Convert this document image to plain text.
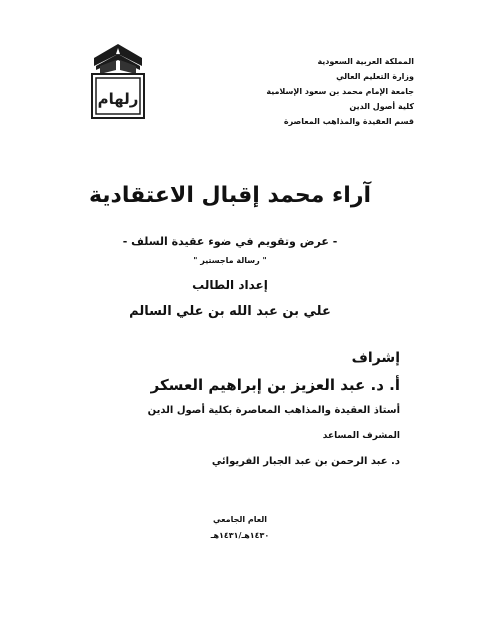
المملكة العربية السعودية
وزارة التعليم العالي
جامعة الإمام محمد بن سعود الإسلامية
كلية أصول الدين
قسم العقيدة والمذاهب المعاصرة
رلهام
آراء محمد إقبال الاعتقادية
- عرض وتقويم في ضوء عقيدة السلف -
" رسالة ماجستير "
إعداد الطالب
علي بن عبد الله بن علي السالم
إشراف
أ. د. عبد العزيز بن إبراهيم العسكر
أستاذ العقيدة والمذاهب المعاصرة بكلية أصول الدين
المشرف المساعد
د. عبد الرحمن بن عبد الجبار الفريوائي
العام الجامعي
١٤٣٠هـ/١٤٣١هـ
